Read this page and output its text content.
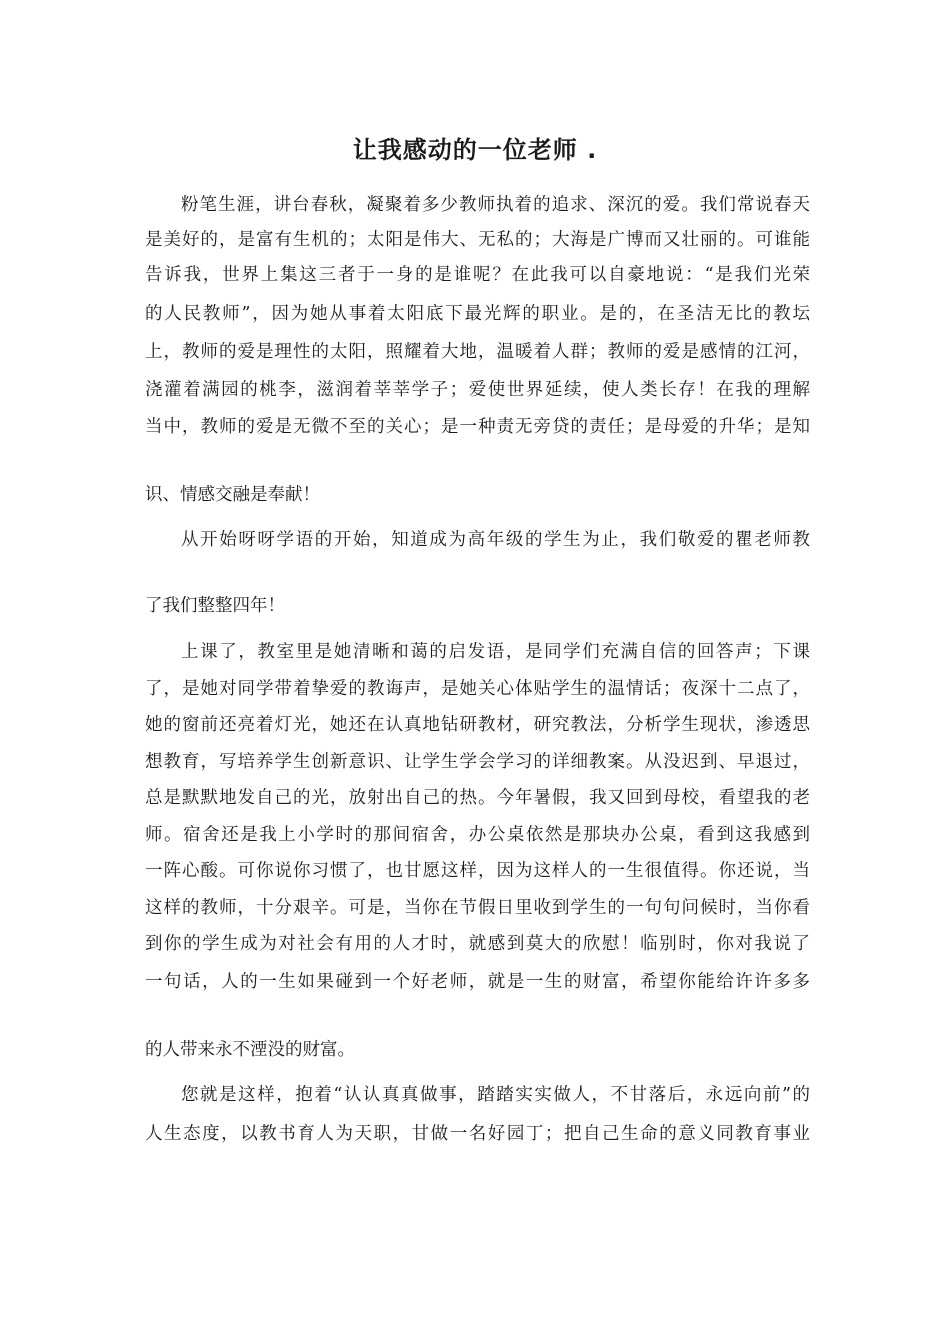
让我感动的一位老师 .
粉笔生涯，讲台春秋，凝聚着多少教师执着的追求、深沉的爱。我们常说春天
是美好的，是富有生机的；太阳是伟大、无私的；大海是广博而又壮丽的。可谁能
告诉我，世界上集这三者于一身的是谁呢？在此我可以自豪地说：“是我们光荣
的人民教师”，因为她从事着太阳底下最光辉的职业。是的，在圣洁无比的教坛
上，教师的爱是理性的太阳，照耀着大地，温暖着人群；教师的爱是感情的江河，
浇灌着满园的桃李，滋润着莘莘学子；爱使世界延续，使人类长存！在我的理解
当中，教师的爱是无微不至的关心；是一种责无旁贷的责任；是母爱的升华；是知
识、情感交融是奉献！
从开始呀呀学语的开始，知道成为高年级的学生为止，我们敬爱的瞿老师教
了我们整整四年！
上课了，教室里是她清晰和蔼的启发语，是同学们充满自信的回答声；下课
了，是她对同学带着挚爱的教诲声，是她关心体贴学生的温情话；夜深十二点了，
她的窗前还亮着灯光，她还在认真地钻研教材，研究教法，分析学生现状，渗透思
想教育，写培养学生创新意识、让学生学会学习的详细教案。从没迟到、早退过，
总是默默地发自己的光，放射出自己的热。今年暑假，我又回到母校，看望我的老
师。宿舍还是我上小学时的那间宿舍，办公桌依然是那块办公桌，看到这我感到
一阵心酸。可你说你习惯了，也甘愿这样，因为这样人的一生很值得。你还说，当
这样的教师，十分艰辛。可是，当你在节假日里收到学生的一句句问候时，当你看
到你的学生成为对社会有用的人才时，就感到莫大的欣慰！临别时，你对我说了
一句话，人的一生如果碰到一个好老师，就是一生的财富，希望你能给许许多多
的人带来永不湮没的财富。
您就是这样，抱着“认认真真做事，踏踏实实做人，不甘落后，永远向前”的
人生态度，以教书育人为天职，甘做一名好园丁；把自己生命的意义同教育事业
